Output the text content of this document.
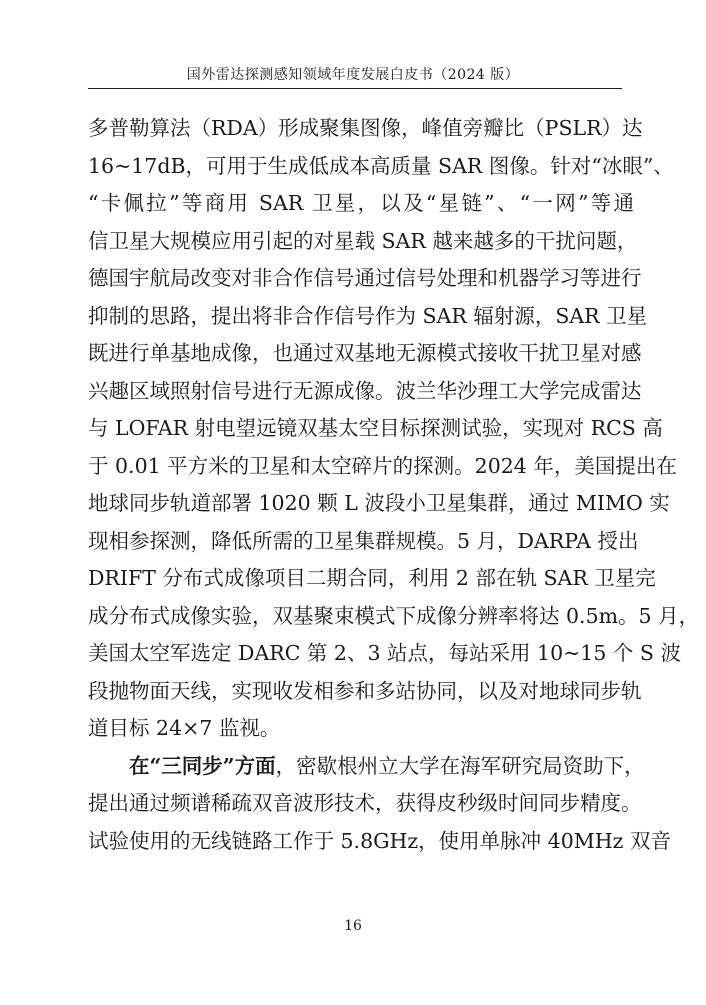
国外雷达探测感知领域年度发展白皮书（2024 版）
多普勒算法（RDA）形成聚集图像，峰值旁瓣比（PSLR）达
16~17dB，可用于生成低成本高质量 SAR 图像。针对“冰眼”、
“卡佩拉”等商用 SAR 卫星，以及“星链”、“一网”等通
信卫星大规模应用引起的对星载 SAR 越来越多的干扰问题，
德国宇航局改变对非合作信号通过信号处理和机器学习等进行
抑制的思路，提出将非合作信号作为 SAR 辐射源，SAR 卫星
既进行单基地成像，也通过双基地无源模式接收干扰卫星对感
兴趣区域照射信号进行无源成像。波兰华沙理工大学完成雷达
与 LOFAR 射电望远镜双基太空目标探测试验，实现对 RCS 高
于 0.01 平方米的卫星和太空碎片的探测。2024 年，美国提出在
地球同步轨道部署 1020 颗 L 波段小卫星集群，通过 MIMO 实
现相参探测，降低所需的卫星集群规模。5 月，DARPA 授出
DRIFT 分布式成像项目二期合同，利用 2 部在轨 SAR 卫星完
成分布式成像实验，双基聚束模式下成像分辨率将达 0.5m。5 月，
美国太空军选定 DARC 第 2、3 站点，每站采用 10~15 个 S 波
段抛物面天线，实现收发相参和多站协同，以及对地球同步轨
道目标 24×7 监视。
在“三同步”方面，密歇根州立大学在海军研究局资助下，
提出通过频谱稀疏双音波形技术，获得皮秒级时间同步精度。
试验使用的无线链路工作于 5.8GHz，使用单脉冲 40MHz 双音
16
